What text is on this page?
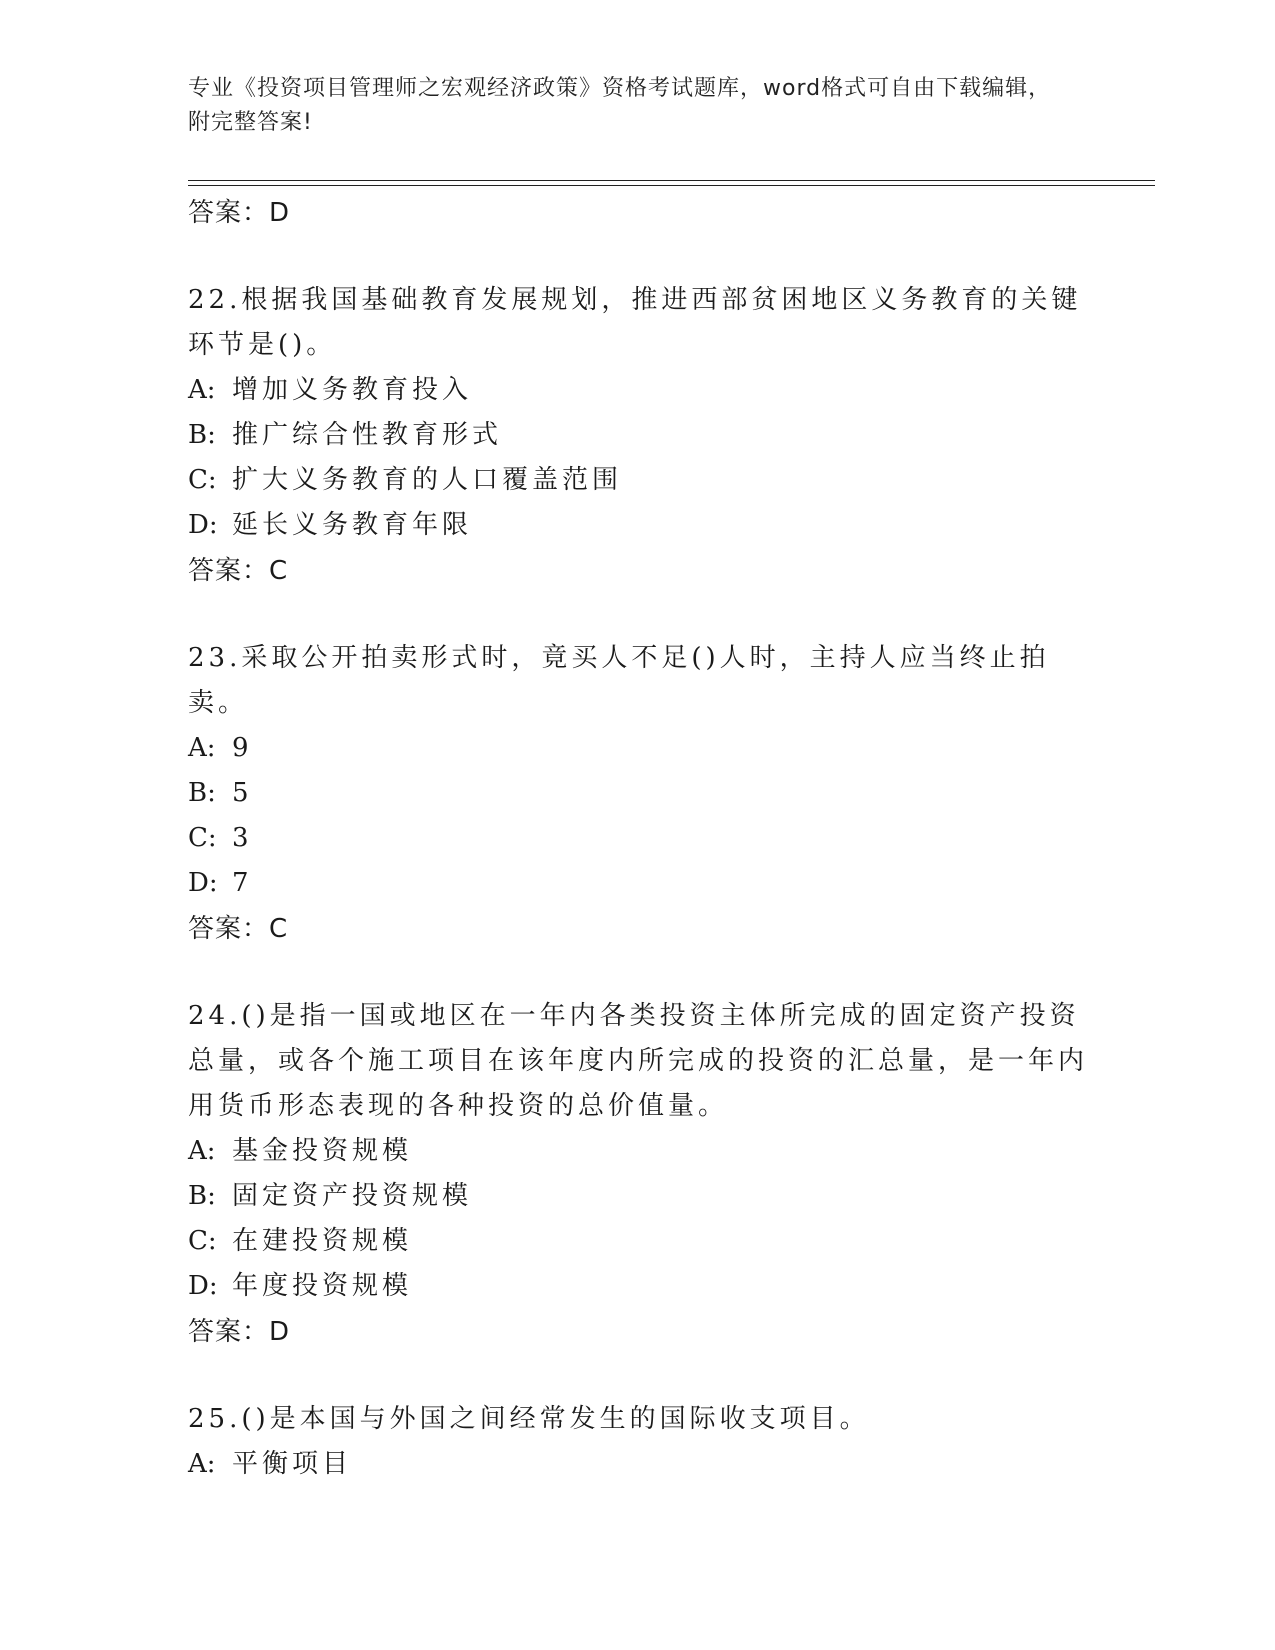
专业《投资项目管理师之宏观经济政策》资格考试题库，word格式可自由下载编辑，附完整答案!

答案：D

22.根据我国基础教育发展规划，推进西部贫困地区义务教育的关键环节是()。

A: 增加义务教育投入

B: 推广综合性教育形式

C: 扩大义务教育的人口覆盖范围

D: 延长义务教育年限

答案：C

23.采取公开拍卖形式时，竟买人不足()人时，主持人应当终止拍卖。

A: 9

B: 5

C: 3

D: 7

答案：C

24.()是指一国或地区在一年内各类投资主体所完成的固定资产投资总量，或各个施工项目在该年度内所完成的投资的汇总量，是一年内用货币形态表现的各种投资的总价值量。

A: 基金投资规模

B: 固定资产投资规模

C: 在建投资规模

D: 年度投资规模

答案：D

25.()是本国与外国之间经常发生的国际收支项目。

A: 平衡项目
